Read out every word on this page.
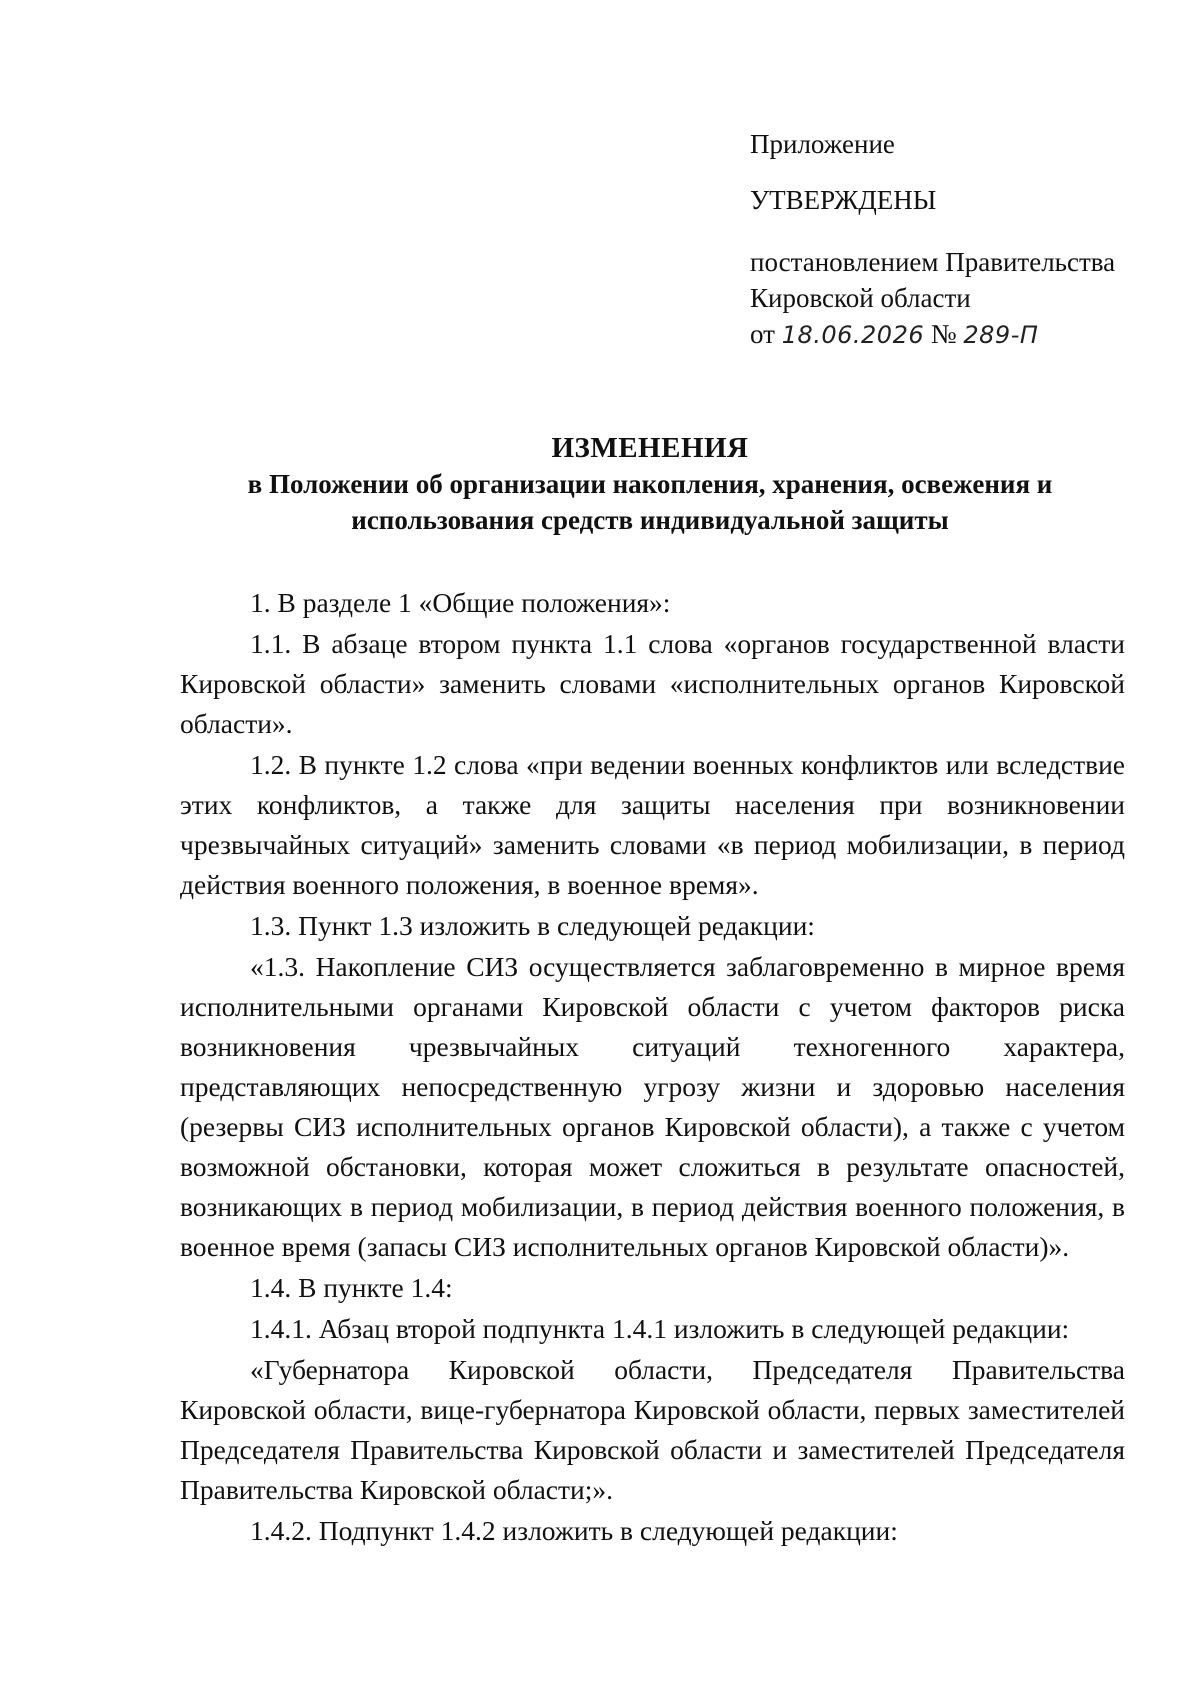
Приложение
УТВЕРЖДЕНЫ
постановлением Правительства
Кировской области
от 18.06.2026 № 289-П
ИЗМЕНЕНИЯ
в Положении об организации накопления, хранения, освежения и использования средств индивидуальной защиты

1. В разделе 1 «Общие положения»:

1.1. В абзаце втором пункта 1.1 слова «органов государственной власти Кировской области» заменить словами «исполнительных органов Кировской области».

1.2. В пункте 1.2 слова «при ведении военных конфликтов или вследствие этих конфликтов, а также для защиты населения при возникновении чрезвычайных ситуаций» заменить словами «в период мобилизации, в период действия военного положения, в военное время».

1.3. Пункт 1.3 изложить в следующей редакции:

«1.3. Накопление СИЗ осуществляется заблаговременно в мирное время исполнительными органами Кировской области с учетом факторов риска возникновения чрезвычайных ситуаций техногенного характера, представляющих непосредственную угрозу жизни и здоровью населения (резервы СИЗ исполнительных органов Кировской области), а также с учетом возможной обстановки, которая может сложиться в результате опасностей, возникающих в период мобилизации, в период действия военного положения, в военное время (запасы СИЗ исполнительных органов Кировской области)».

1.4. В пункте 1.4:

1.4.1. Абзац второй подпункта 1.4.1 изложить в следующей редакции:

«Губернатора Кировской области, Председателя Правительства Кировской области, вице-губернатора Кировской области, первых заместителей Председателя Правительства Кировской области и заместителей Председателя Правительства Кировской области;».

1.4.2. Подпункт 1.4.2 изложить в следующей редакции:
